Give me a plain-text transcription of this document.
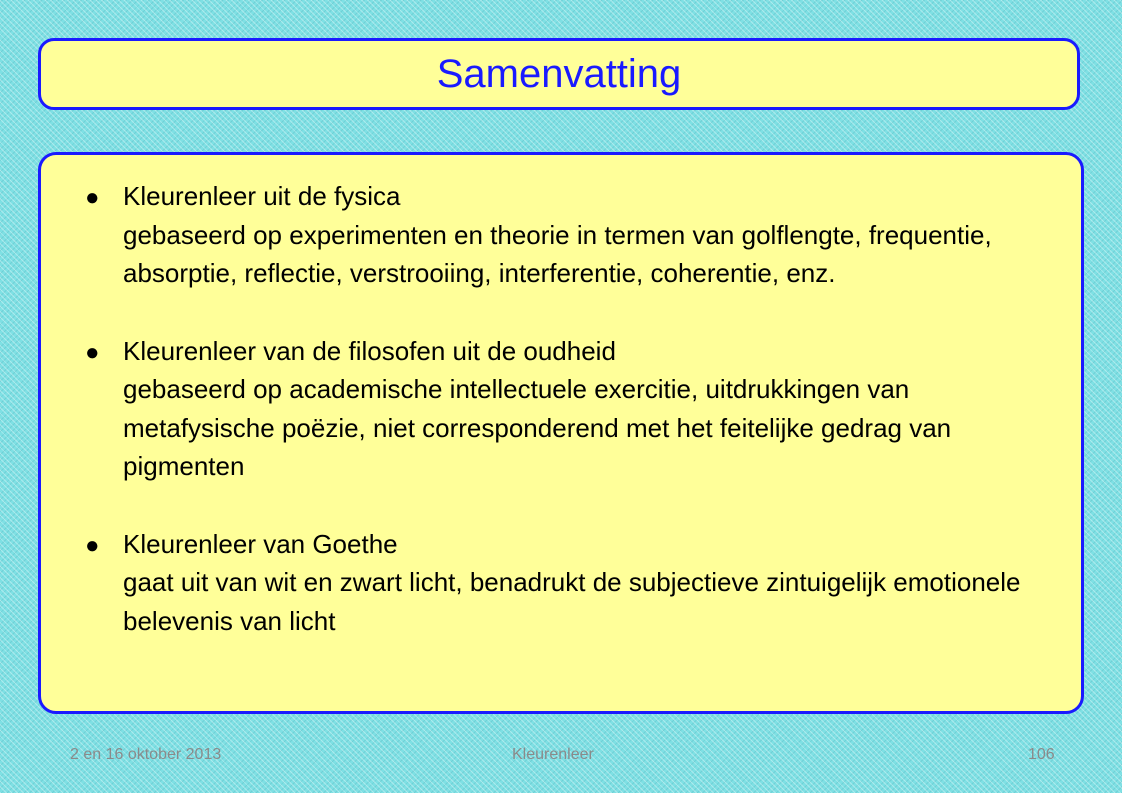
Samenvatting
● Kleurenleer uit de fysica
gebaseerd op experimenten en theorie in termen van golflengte, frequentie, absorptie, reflectie, verstrooiing, interferentie, coherentie, enz.
● Kleurenleer van de filosofen uit de oudheid
gebaseerd op academische intellectuele exercitie, uitdrukkingen van metafysische poëzie, niet corresponderend met het feitelijke gedrag van pigmenten
● Kleurenleer van Goethe
gaat uit van wit en zwart licht, benadrukt de subjectieve zintuigelijk emotionele belevenis van licht
2 en 16 oktober 2013	Kleurenleer	106
